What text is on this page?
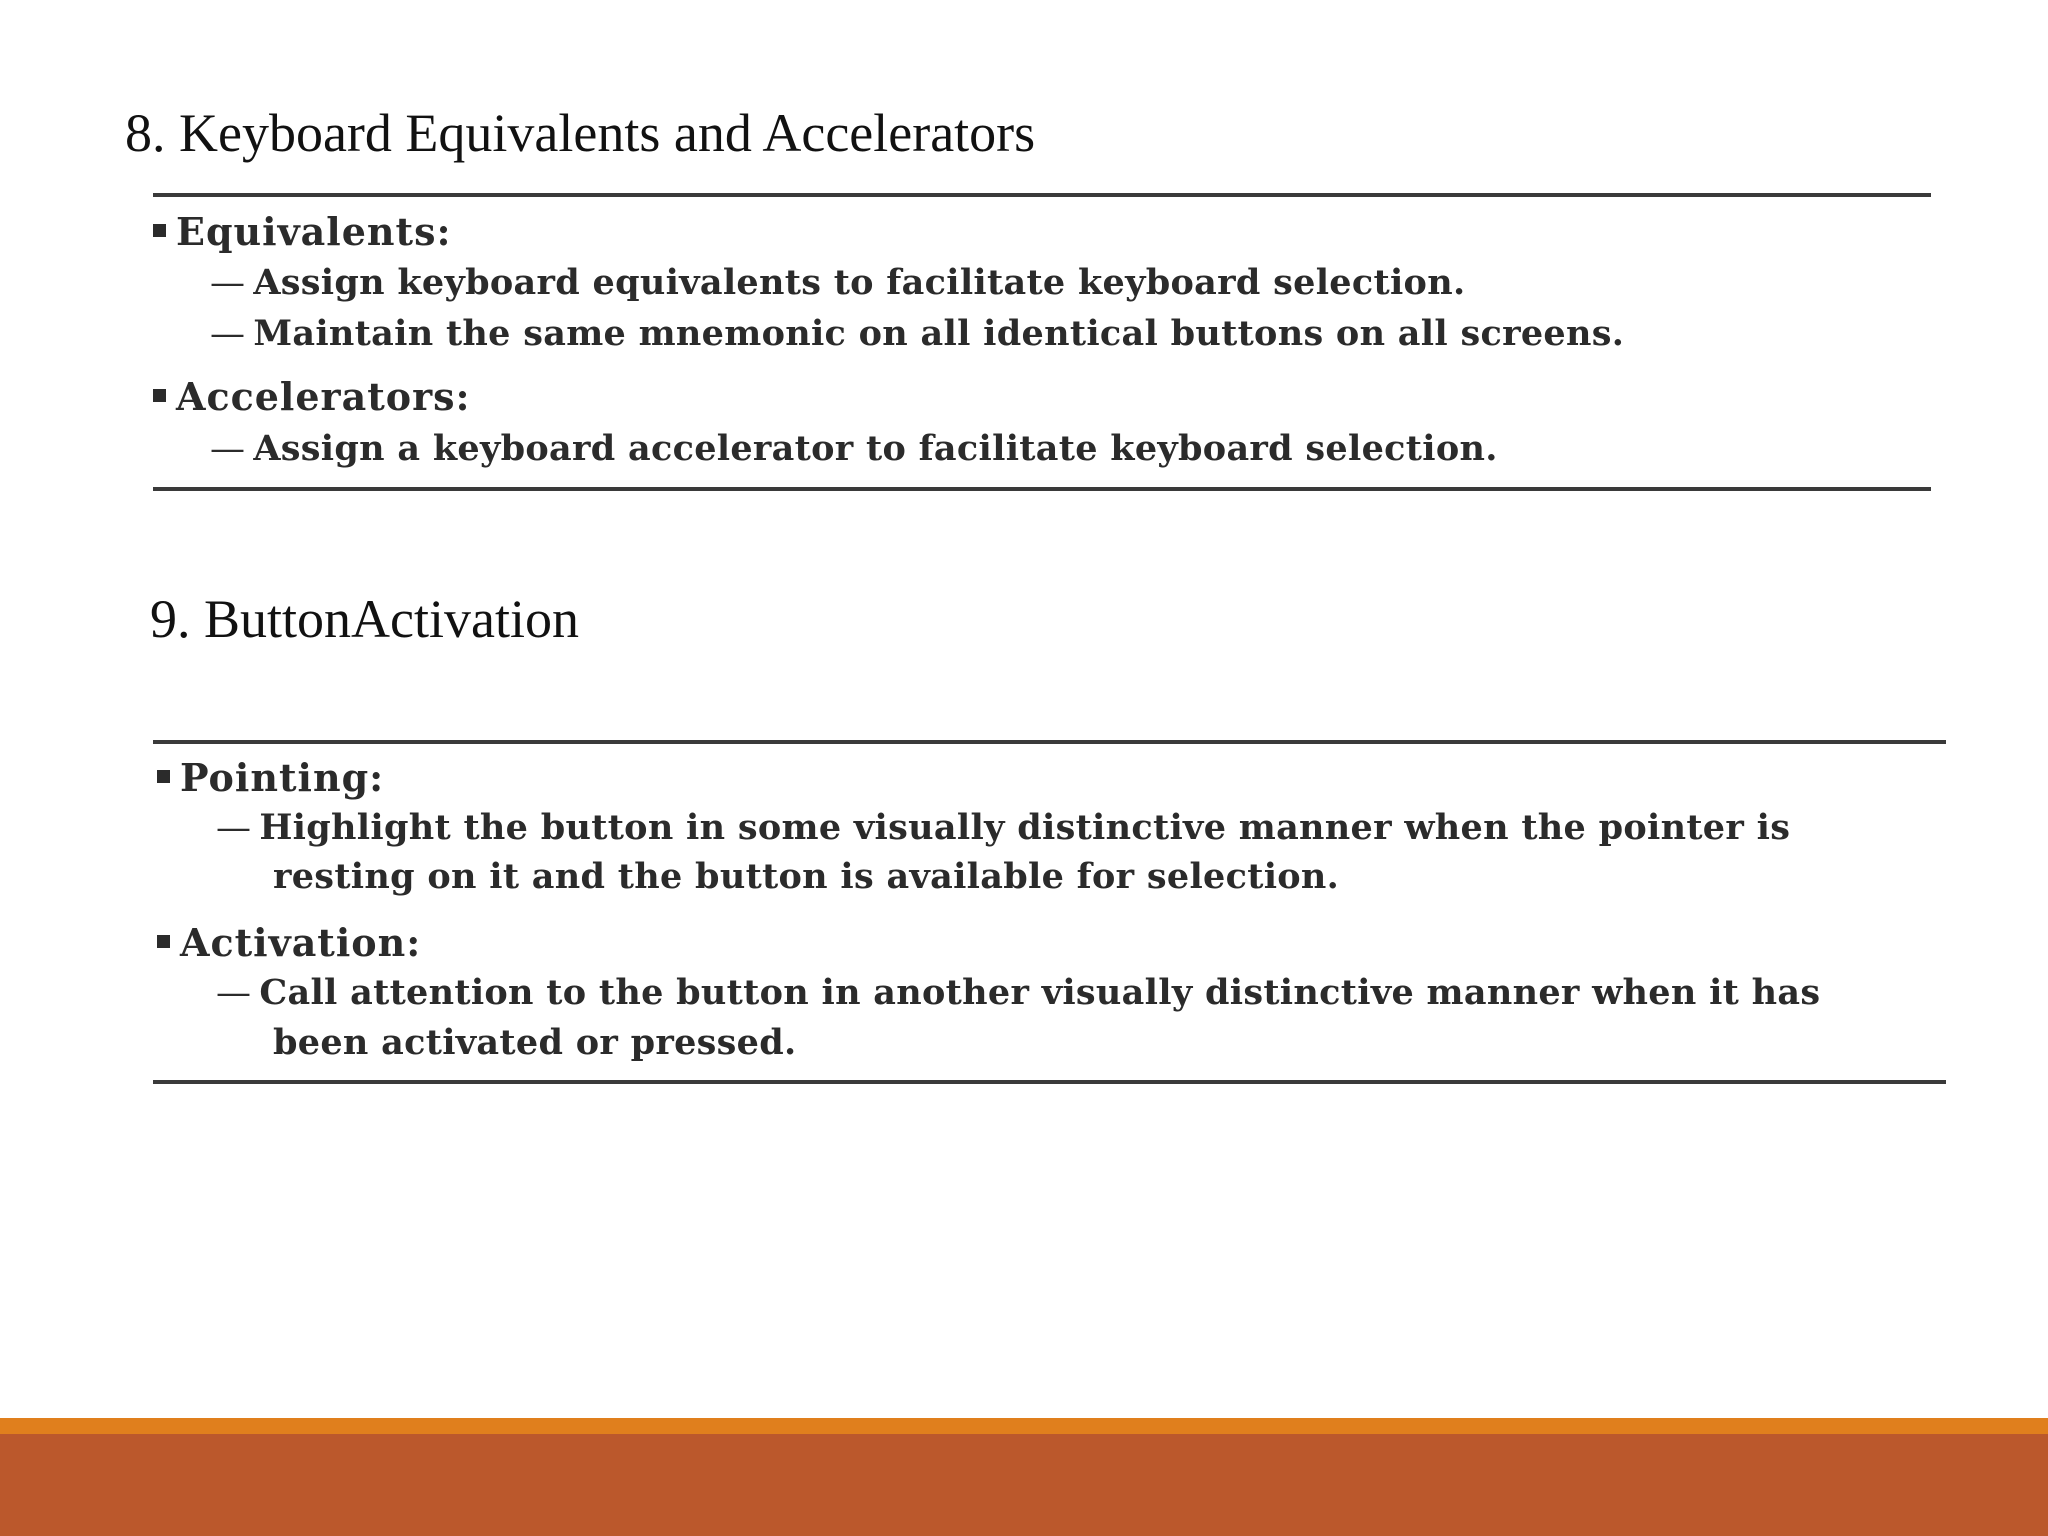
8. Keyboard Equivalents and Accelerators
Equivalents:
— Assign keyboard equivalents to facilitate keyboard selection.
— Maintain the same mnemonic on all identical buttons on all screens.
Accelerators:
— Assign a keyboard accelerator to facilitate keyboard selection.
9. ButtonActivation
Pointing:
— Highlight the button in some visually distinctive manner when the pointer is
resting on it and the button is available for selection.
Activation:
— Call attention to the button in another visually distinctive manner when it has
been activated or pressed.
